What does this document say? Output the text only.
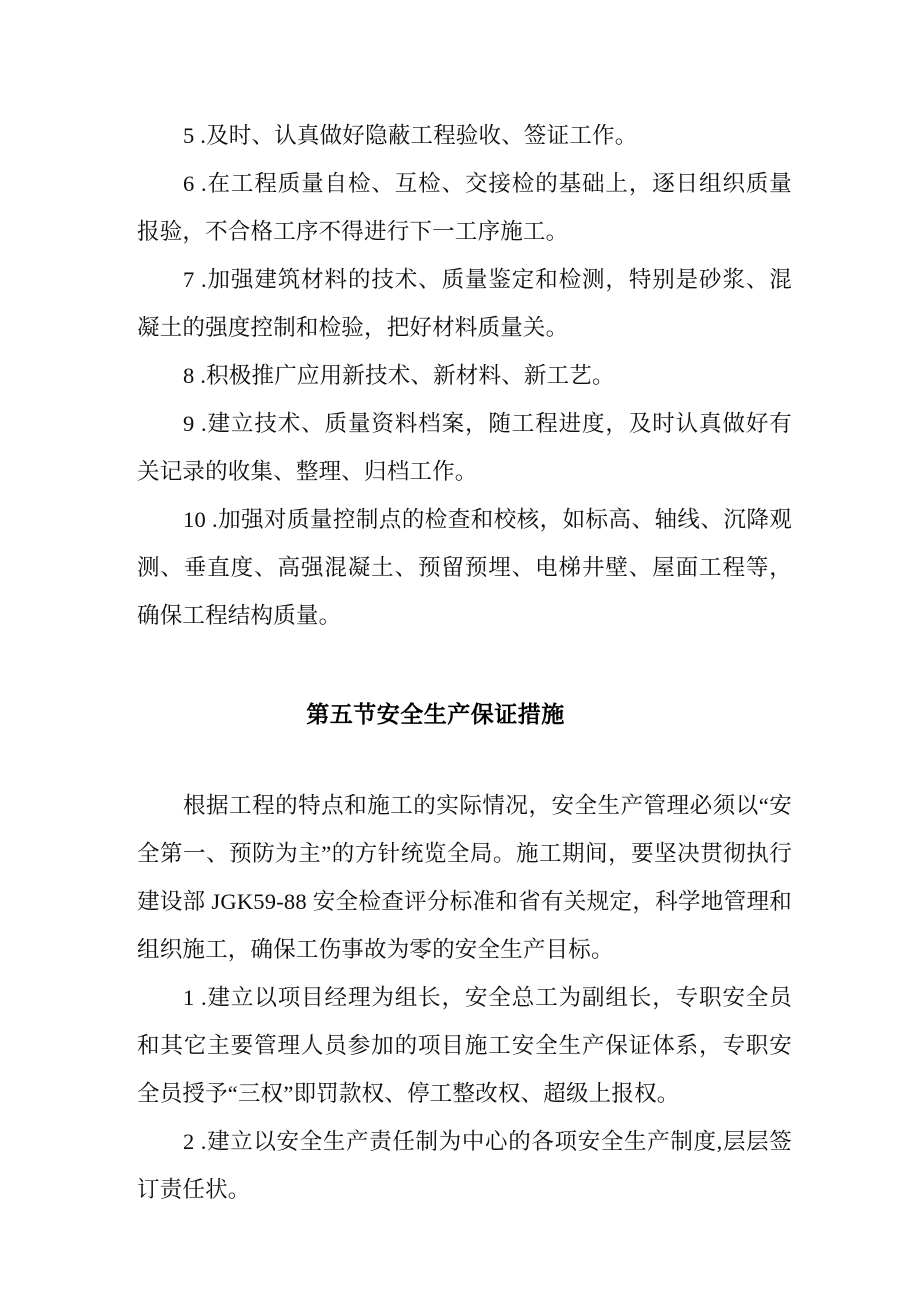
5 .及时、认真做好隐蔽工程验收、签证工作。

6 .在工程质量自检、互检、交接检的基础上，逐日组织质量报验，不合格工序不得进行下一工序施工。

7 .加强建筑材料的技术、质量鉴定和检测，特别是砂浆、混凝土的强度控制和检验，把好材料质量关。

8 .积极推广应用新技术、新材料、新工艺。

9 .建立技术、质量资料档案，随工程进度，及时认真做好有关记录的收集、整理、归档工作。

10 .加强对质量控制点的检查和校核，如标高、轴线、沉降观测、垂直度、高强混凝土、预留预埋、电梯井壁、屋面工程等，确保工程结构质量。

第五节安全生产保证措施

根据工程的特点和施工的实际情况，安全生产管理必须以“安全第一、预防为主”的方针统览全局。施工期间，要坚决贯彻执行建设部 JGK59-88 安全检查评分标准和省有关规定，科学地管理和组织施工，确保工伤事故为零的安全生产目标。

1 .建立以项目经理为组长，安全总工为副组长，专职安全员和其它主要管理人员参加的项目施工安全生产保证体系，专职安全员授予“三权”即罚款权、停工整改权、超级上报权。

2 .建立以安全生产责任制为中心的各项安全生产制度,层层签订责任状。
